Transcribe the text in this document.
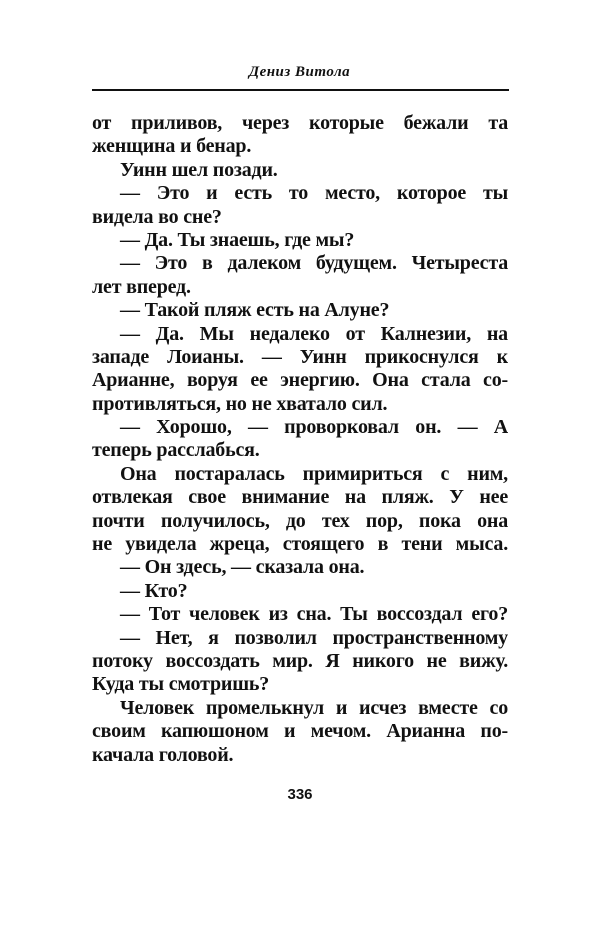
Дениз Витола
от приливов, через которые бежали та
женщина и бенар.
Уинн шел позади.
— Это и есть то место, которое ты
видела во сне?
— Да. Ты знаешь, где мы?
— Это в далеком будущем. Четыреста
лет вперед.
— Такой пляж есть на Алуне?
— Да. Мы недалеко от Калнезии, на
западе Лоианы. — Уинн прикоснулся к
Арианне, воруя ее энергию. Она стала со-
противляться, но не хватало сил.
— Хорошо, — проворковал он. — А
теперь расслабься.
Она постаралась примириться с ним,
отвлекая свое внимание на пляж. У нее
почти получилось, до тех пор, пока она
не увидела жреца, стоящего в тени мыса.
— Он здесь, — сказала она.
— Кто?
— Тот человек из сна. Ты воссоздал его?
— Нет, я позволил пространственному
потоку воссоздать мир. Я никого не вижу.
Куда ты смотришь?
Человек промелькнул и исчез вместе со
своим капюшоном и мечом. Арианна по-
качала головой.
336
